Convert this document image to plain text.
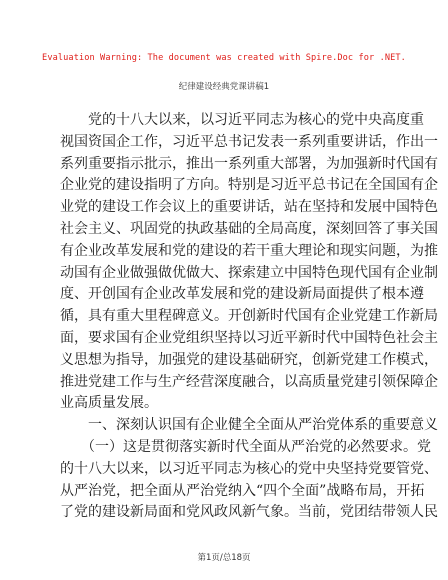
Evaluation Warning: The document was created with Spire.Doc for .NET.
纪律建设经典党课讲稿1
　　党的十八大以来，以习近平同志为核心的党中央高度重
视国资国企工作，习近平总书记发表一系列重要讲话，作出一
系列重要指示批示，推出一系列重大部署，为加强新时代国有
企业党的建设指明了方向。特别是习近平总书记在全国国有企
业党的建设工作会议上的重要讲话，站在坚持和发展中国特色
社会主义、巩固党的执政基础的全局高度，深刻回答了事关国
有企业改革发展和党的建设的若干重大理论和现实问题，为推
动国有企业做强做优做大、探索建立中国特色现代国有企业制
度、开创国有企业改革发展和党的建设新局面提供了根本遵
循，具有重大里程碑意义。开创新时代国有企业党建工作新局
面，要求国有企业党组织坚持以习近平新时代中国特色社会主
义思想为指导，加强党的建设基础研究，创新党建工作模式，
推进党建工作与生产经营深度融合，以高质量党建引领保障企
业高质量发展。
　　一、深刻认识国有企业健全全面从严治党体系的重要意义
　　（一）这是贯彻落实新时代全面从严治党的必然要求。党
的十八大以来，以习近平同志为核心的党中央坚持党要管党、
从严治党，把全面从严治党纳入“四个全面”战略布局，开拓
了党的建设新局面和党风政风新气象。当前，党团结带领人民
第1页/总18页
